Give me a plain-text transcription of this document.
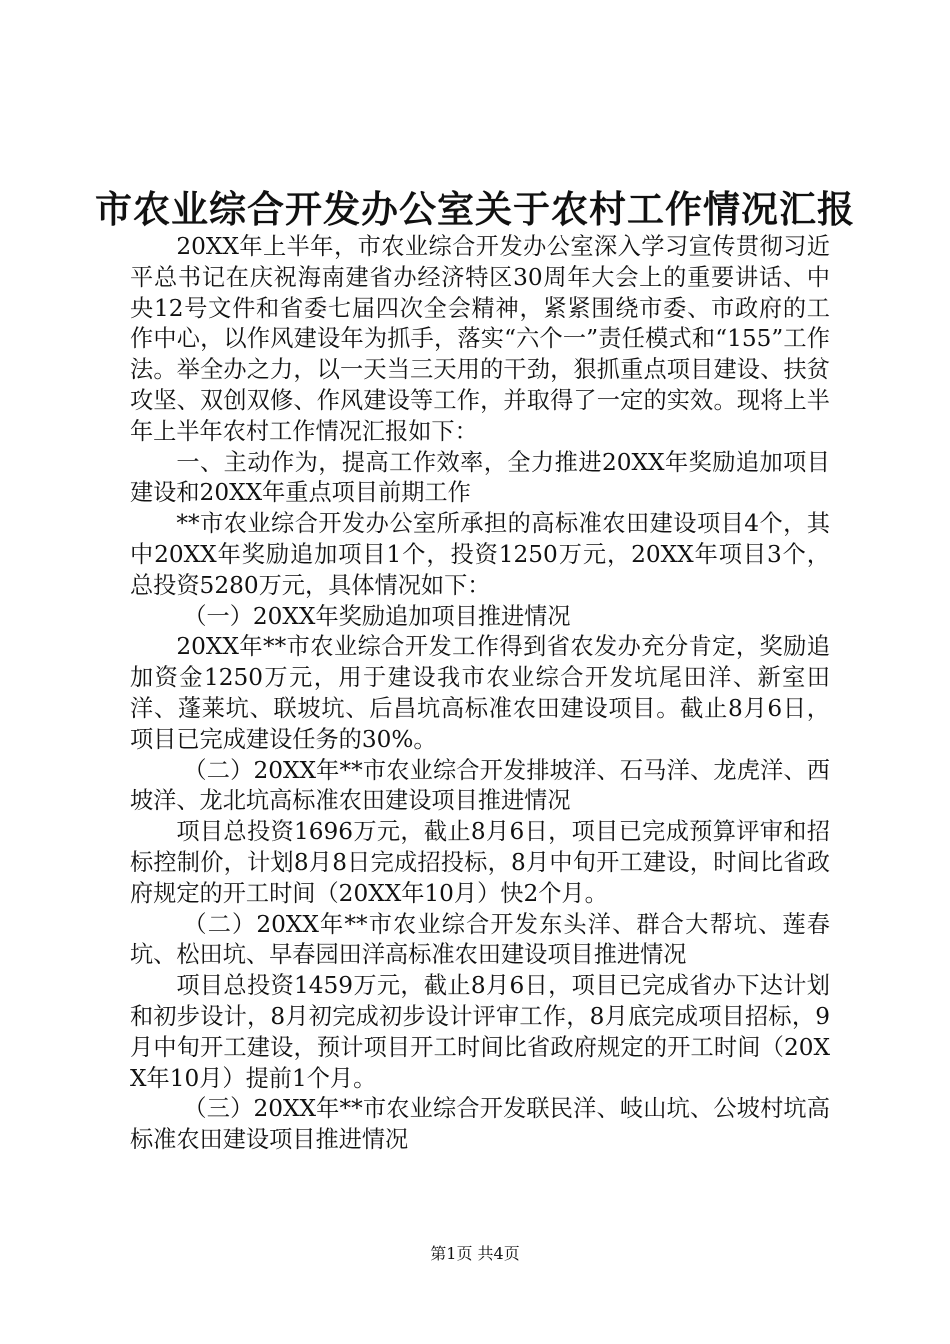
市农业综合开发办公室关于农村工作情况汇报

20XX年上半年，市农业综合开发办公室深入学习宣传贯彻习近平总书记在庆祝海南建省办经济特区30周年大会上的重要讲话、中央12号文件和省委七届四次全会精神，紧紧围绕市委、市政府的工作中心，以作风建设年为抓手，落实“六个一”责任模式和“155”工作法。举全办之力，以一天当三天用的干劲，狠抓重点项目建设、扶贫攻坚、双创双修、作风建设等工作，并取得了一定的实效。现将上半年上半年农村工作情况汇报如下：

一、主动作为，提高工作效率，全力推进20XX年奖励追加项目建设和20XX年重点项目前期工作

**市农业综合开发办公室所承担的高标准农田建设项目4个，其中20XX年奖励追加项目1个，投资1250万元，20XX年项目3个，总投资5280万元，具体情况如下：

（一）20XX年奖励追加项目推进情况

20XX年**市农业综合开发工作得到省农发办充分肯定，奖励追加资金1250万元，用于建设我市农业综合开发坑尾田洋、新室田洋、蓬莱坑、联坡坑、后昌坑高标准农田建设项目。截止8月6日，项目已完成建设任务的30%。

（二）20XX年**市农业综合开发排坡洋、石马洋、龙虎洋、西坡洋、龙北坑高标准农田建设项目推进情况

项目总投资1696万元，截止8月6日，项目已完成预算评审和招标控制价，计划8月8日完成招投标，8月中旬开工建设，时间比省政府规定的开工时间（20XX年10月）快2个月。

（二）20XX年**市农业综合开发东头洋、群合大帮坑、莲春坑、松田坑、早春园田洋高标准农田建设项目推进情况

项目总投资1459万元，截止8月6日，项目已完成省办下达计划和初步设计，8月初完成初步设计评审工作，8月底完成项目招标，9月中旬开工建设，预计项目开工时间比省政府规定的开工时间（20XX年10月）提前1个月。

（三）20XX年**市农业综合开发联民洋、岐山坑、公坡村坑高标准农田建设项目推进情况

第1页 共4页
